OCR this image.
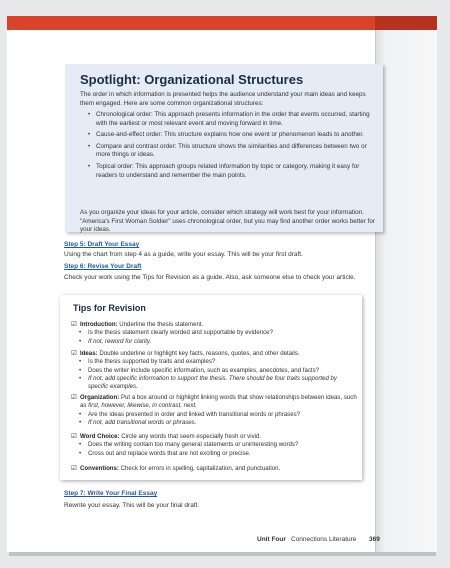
Spotlight: Organizational Structures

The order in which information is presented helps the audience understand your main ideas and keeps them engaged. Here are some common organizational structures:

• Chronological order: This approach presents information in the order that events occurred, starting with the earliest or most relevant event and moving forward in time.
• Cause-and-effect order: This structure explains how one event or phenomenon leads to another.
• Compare and contrast order: This structure shows the similarities and differences between two or more things or ideas.
• Topical order: This approach groups related information by topic or category, making it easy for readers to understand and remember the main points.

As you organize your ideas for your article, consider which strategy will work best for your information. "America's First Woman Soldier" uses chronological order, but you may find another order works better for your ideas.

Step 5: Draft Your Essay
Using the chart from step 4 as a guide, write your essay. This will be your first draft.
Step 6: Revise Your Draft
Check your work using the Tips for Revision as a guide. Also, ask someone else to check your article.
Tips for Revision
☑ Introduction: Underline the thesis statement.
• Is the thesis statement clearly worded and supportable by evidence?
• If not, reword for clarity.
☑ Ideas: Double underline or highlight key facts, reasons, quotes, and other details.
• Is the thesis supported by traits and examples?
• Does the writer include specific information, such as examples, anecdotes, and facts?
• If not, add specific information to support the thesis. There should be four traits supported by specific examples.
☑ Organization: Put a box around or highlight linking words that show relationships between ideas, such as first, however, likewise, in contrast, next.
• Are the ideas presented in order and linked with transitional words or phrases?
• If not, add transitional words or phrases.
☑ Word Choice: Circle any words that seem especially fresh or vivid.
• Does the writing contain too many general statements or uninteresting words?
• Cross out and replace words that are not exciting or precise.
☑ Conventions: Check for errors in spelling, capitalization, and punctuation.
Step 7: Write Your Final Essay
Rewrite your essay. This will be your final draft.
Unit Four Connections Literature 369
